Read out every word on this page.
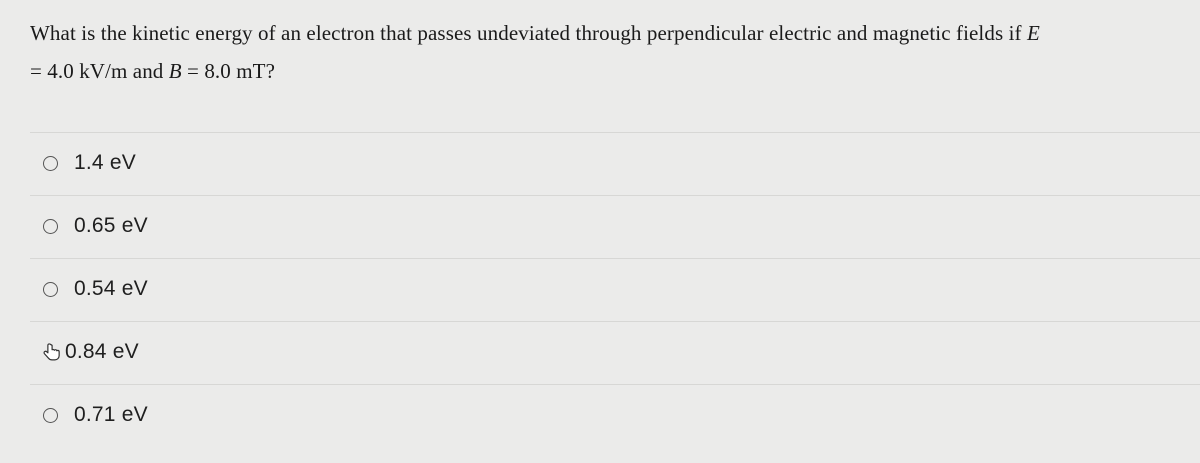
What is the kinetic energy of an electron that passes undeviated through perpendicular electric and magnetic fields if E
= 4.0 kV/m and B = 8.0 mT?
1.4 eV
0.65 eV
0.54 eV
0.84 eV
0.71 eV
